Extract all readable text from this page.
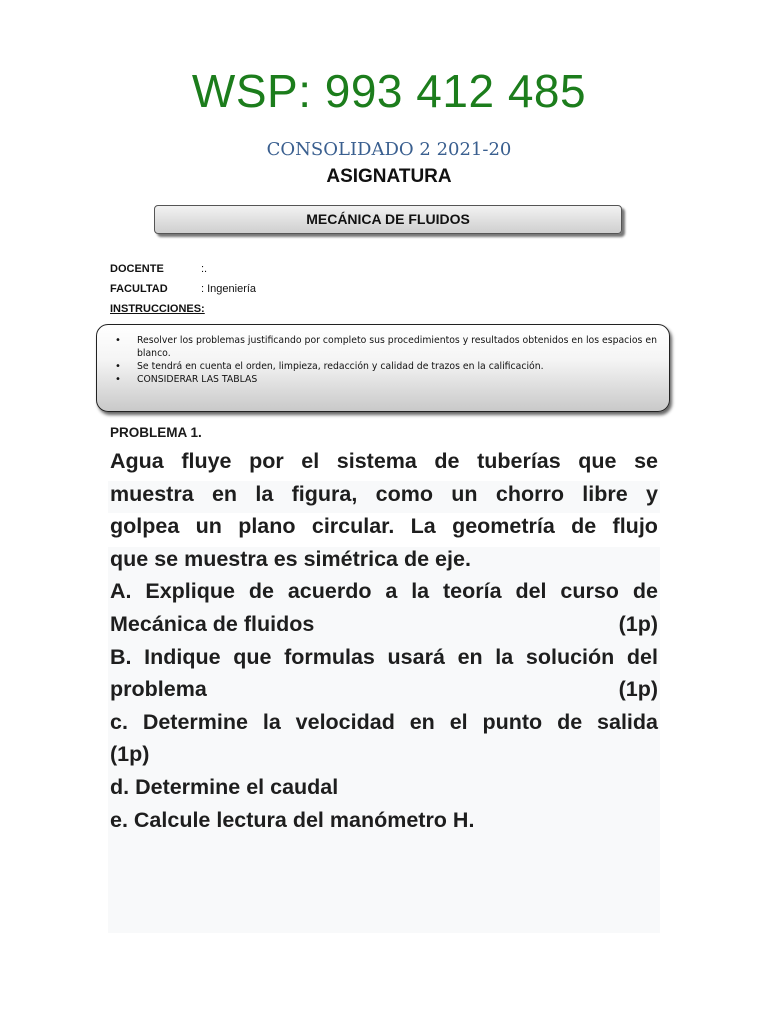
WSP: 993 412 485
CONSOLIDADO 2 2021-20
ASIGNATURA
MECÁNICA DE FLUIDOS
DOCENTE	:.
FACULTAD	: Ingeniería
INSTRUCCIONES:
• Resolver los problemas justificando por completo sus procedimientos y resultados obtenidos en los espacios en blanco.
• Se tendrá en cuenta el orden, limpieza, redacción y calidad de trazos en la calificación.
• CONSIDERAR LAS TABLAS
PROBLEMA 1.
Agua fluye por el sistema de tuberías que se
muestra en la figura, como un chorro libre y
golpea un plano circular. La geometría de flujo
que se muestra es simétrica de eje.
A. Explique de acuerdo a la teoría del curso de
Mecánica de fluidos	(1p)
B. Indique que formulas usará en la solución del
problema	(1p)
c. Determine la velocidad en el punto de salida
(1p)
d. Determine el caudal
e. Calcule lectura del manómetro H.
